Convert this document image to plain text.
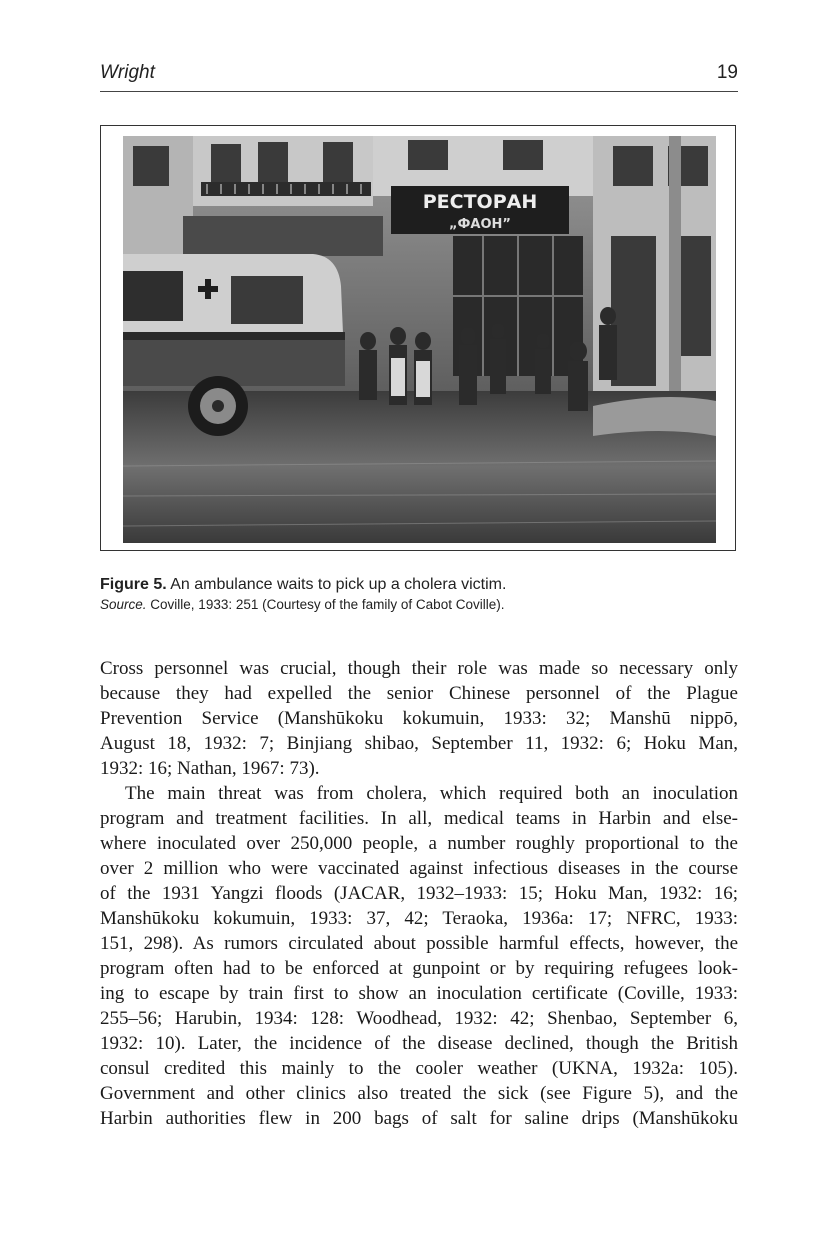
Wright	19
РЕСТОРАН
„ФАОН”
Figure 5. An ambulance waits to pick up a cholera victim.
Source. Coville, 1933: 251 (Courtesy of the family of Cabot Coville).
Cross personnel was crucial, though their role was made so necessary only
because they had expelled the senior Chinese personnel of the Plague
Prevention Service (Manshūkoku kokumuin, 1933: 32; Manshū nippō,
August 18, 1932: 7; Binjiang shibao, September 11, 1932: 6; Hoku Man,
1932: 16; Nathan, 1967: 73).
The main threat was from cholera, which required both an inoculation
program and treatment facilities. In all, medical teams in Harbin and else-
where inoculated over 250,000 people, a number roughly proportional to the
over 2 million who were vaccinated against infectious diseases in the course
of the 1931 Yangzi floods (JACAR, 1932–1933: 15; Hoku Man, 1932: 16;
Manshūkoku kokumuin, 1933: 37, 42; Teraoka, 1936a: 17; NFRC, 1933:
151, 298). As rumors circulated about possible harmful effects, however, the
program often had to be enforced at gunpoint or by requiring refugees look-
ing to escape by train first to show an inoculation certificate (Coville, 1933:
255–56; Harubin, 1934: 128: Woodhead, 1932: 42; Shenbao, September 6,
1932: 10). Later, the incidence of the disease declined, though the British
consul credited this mainly to the cooler weather (UKNA, 1932a: 105).
Government and other clinics also treated the sick (see Figure 5), and the
Harbin authorities flew in 200 bags of salt for saline drips (Manshūkoku
